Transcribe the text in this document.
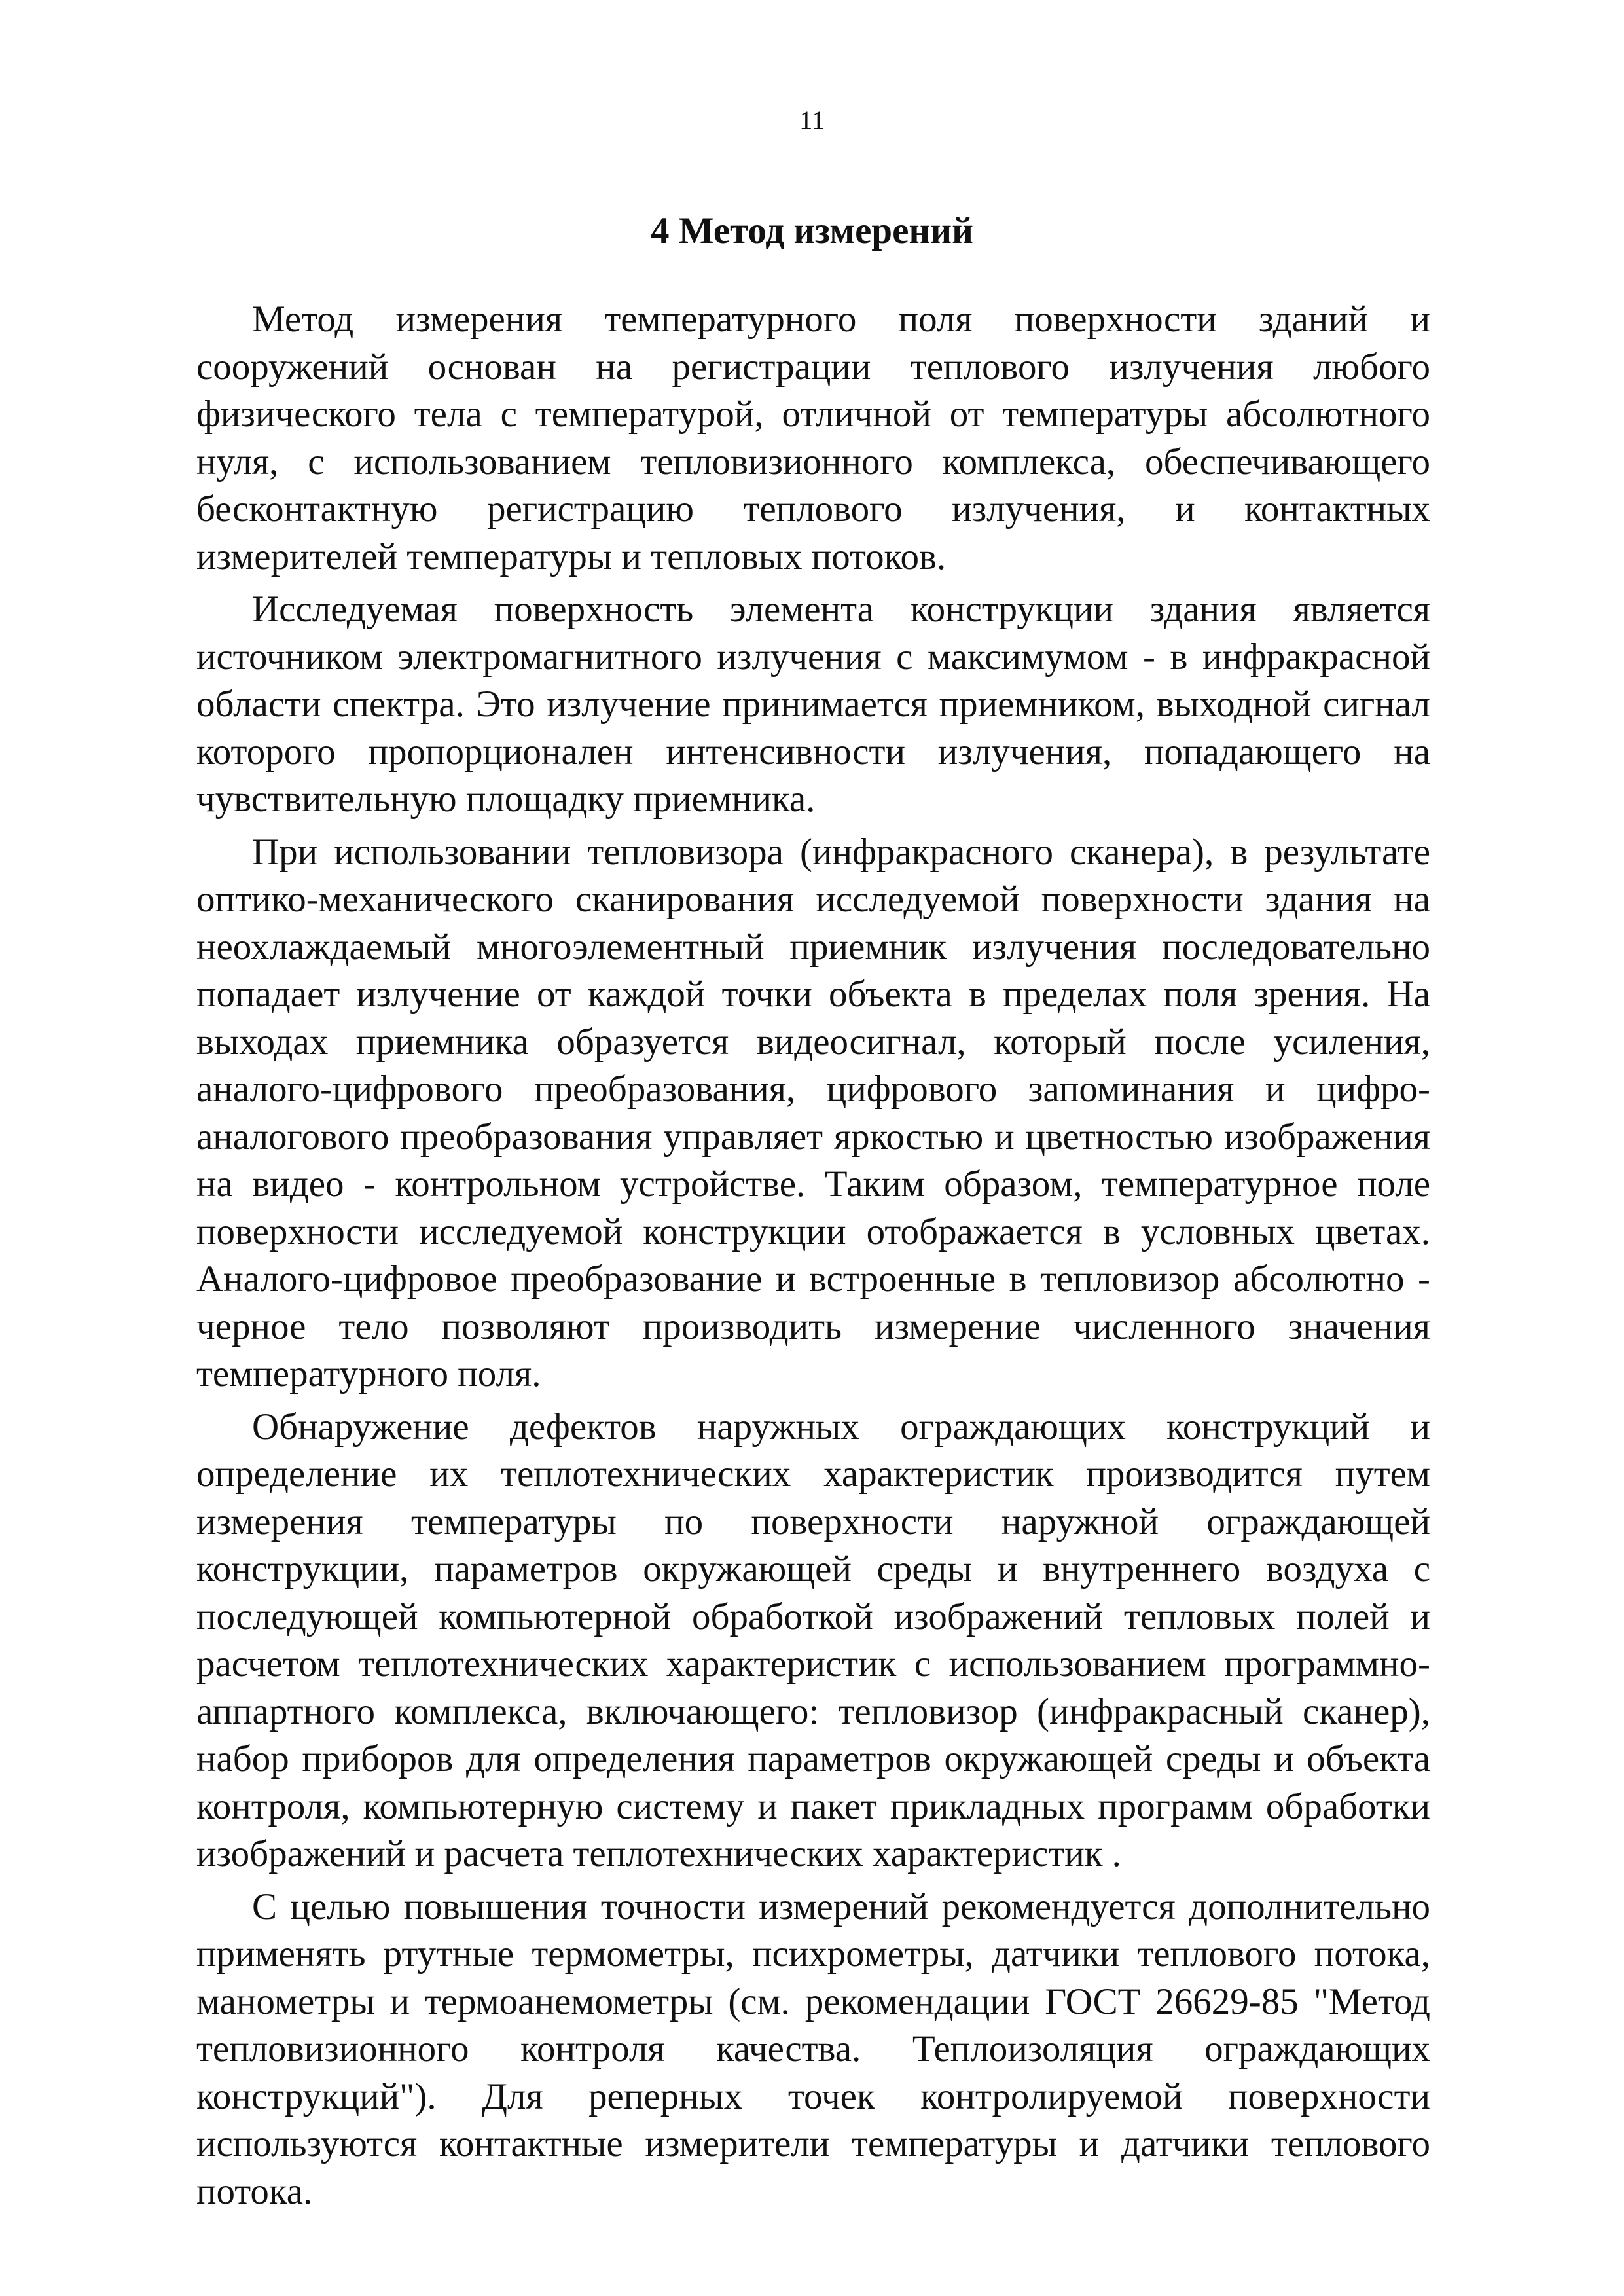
11
4 Метод измерений

Метод измерения температурного поля поверхности зданий и сооружений основан на регистрации теплового излучения любого физического тела с температурой, отличной от температуры абсолютного нуля, с использованием тепловизионного комплекса, обеспечивающего бесконтактную регистрацию теплового излучения, и контактных измерителей температуры и тепловых потоков.

Исследуемая поверхность элемента конструкции здания является источником электромагнитного излучения с максимумом - в инфракрасной области спектра. Это излучение принимается приемником, выходной сигнал которого пропорционален интенсивности излучения, попадающего на чувствительную площадку приемника.

При использовании тепловизора (инфракрасного сканера), в результате оптико-механического сканирования исследуемой поверхности здания на неохлаждаемый многоэлементный приемник излучения последовательно попадает излучение от каждой точки объекта в пределах поля зрения. На выходах приемника образуется видеосигнал, который после усиления, аналого-цифрового преобразования, цифрового запоминания и цифро-аналогового преобразования управляет яркостью и цветностью изображения на видео - контрольном устройстве. Таким образом, температурное поле поверхности исследуемой конструкции отображается в условных цветах. Аналого-цифровое преобразование и встроенные в тепловизор абсолютно - черное тело позволяют производить измерение численного значения температурного поля.

Обнаружение дефектов наружных ограждающих конструкций и определение их теплотехнических характеристик производится путем измерения температуры по поверхности наружной ограждающей конструкции, параметров окружающей среды и внутреннего воздуха с последующей компьютерной обработкой изображений тепловых полей и расчетом теплотехнических характеристик с использованием программно-аппартного комплекса, включающего: тепловизор (инфракрасный сканер), набор приборов для определения параметров окружающей среды и объекта контроля, компьютерную систему и пакет прикладных программ обработки изображений и расчета теплотехнических характеристик .

С целью повышения точности измерений рекомендуется дополнительно применять ртутные термометры, психрометры, датчики теплового потока, манометры и термоанемометры (см. рекомендации ГОСТ 26629-85 "Метод тепловизионного контроля качества. Теплоизоляция ограждающих конструкций"). Для реперных точек контролируемой поверхности используются контактные измерители температуры и датчики теплового потока.
